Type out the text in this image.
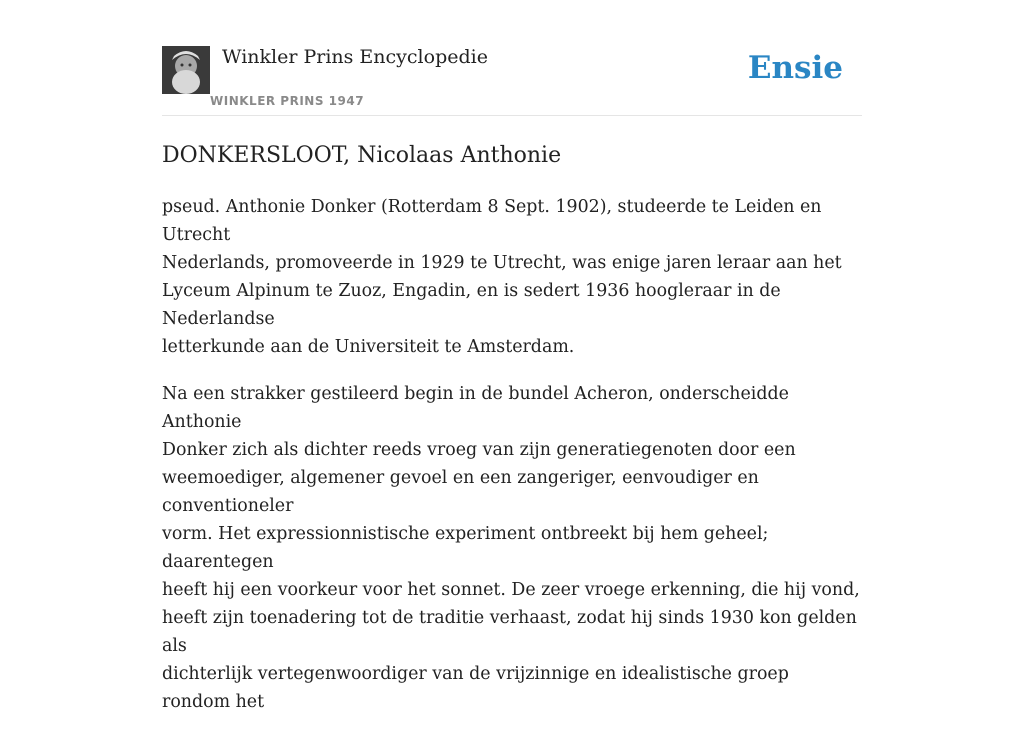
Winkler Prins Encyclopedie
WINKLER PRINS 1947
Ensie
DONKERSLOOT, Nicolaas Anthonie

pseud. Anthonie Donker (Rotterdam 8 Sept. 1902), studeerde te Leiden en Utrecht
Nederlands, promoveerde in 1929 te Utrecht, was enige jaren leraar aan het
Lyceum Alpinum te Zuoz, Engadin, en is sedert 1936 hoogleraar in de Nederlandse
letterkunde aan de Universiteit te Amsterdam.

Na een strakker gestileerd begin in de bundel Acheron, onderscheidde Anthonie
Donker zich als dichter reeds vroeg van zijn generatiegenoten door een
weemoediger, algemener gevoel en een zangeriger, eenvoudiger en conventioneler
vorm. Het expressionnistische experiment ontbreekt bij hem geheel; daarentegen
heeft hij een voorkeur voor het sonnet. De zeer vroege erkenning, die hij vond,
heeft zijn toenadering tot de traditie verhaast, zodat hij sinds 1930 kon gelden als
dichterlijk vertegenwoordiger van de vrijzinnige en idealistische groep rondom het
